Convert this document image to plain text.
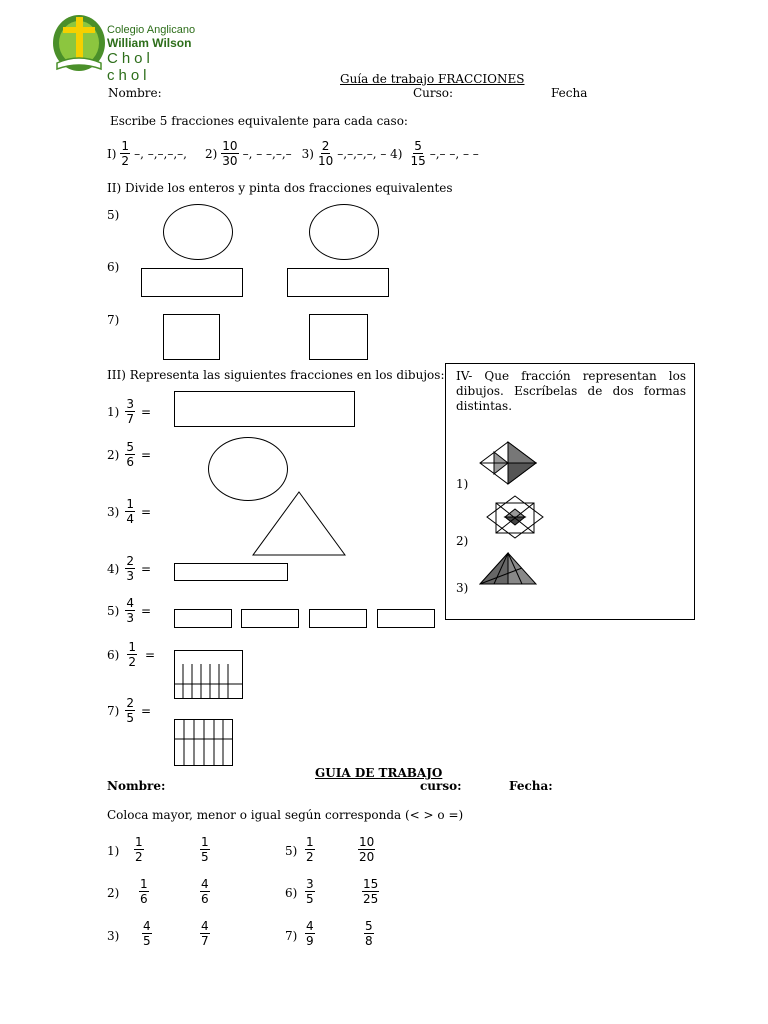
Colegio Anglicano
William Wilson
Chol chol	Guía de trabajo FRACCIONES
Nombre:	Curso:	Fecha
Escribe 5 fracciones equivalente para cada caso:
$I) \frac{1}{2}$ –, –,–,–,–, $2) \frac{10}{30}$ –, – –,–,– $3) \frac{2}{10}$ –,–,–,–, – $4) \frac{5}{15}$ –,– –, – –
II) Divide los enteros y pinta dos fracciones equivalentes
5)
6)
7)
III) Representa las siguientes fracciones en los dibujos:
$1) \frac{3}{7}$ =
$2) \frac{5}{6}$ =
$3) \frac{1}{4}$ =
$4) \frac{2}{3}$ =
$5) \frac{4}{3}$ =
$6) \frac{1}{2}$ =
$7) \frac{2}{5}$ =
IV- Que fracción representan los
dibujos. Escríbelas de dos formas
distintas.
1)
2)
3)
GUIA DE TRABAJO
Nombre:	curso:	Fecha:
Coloca mayor, menor o igual según corresponda (< > o =)
$1) \frac{1}{2}$	$\frac{1}{5}$
$2) \frac{1}{6}$	$\frac{4}{6}$
$3) \frac{4}{5}$	$\frac{4}{7}$
$5) \frac{1}{2}$	$\frac{10}{20}$
$6) \frac{3}{5}$	$\frac{15}{25}$
$7) \frac{4}{9}$	$\frac{5}{8}$
